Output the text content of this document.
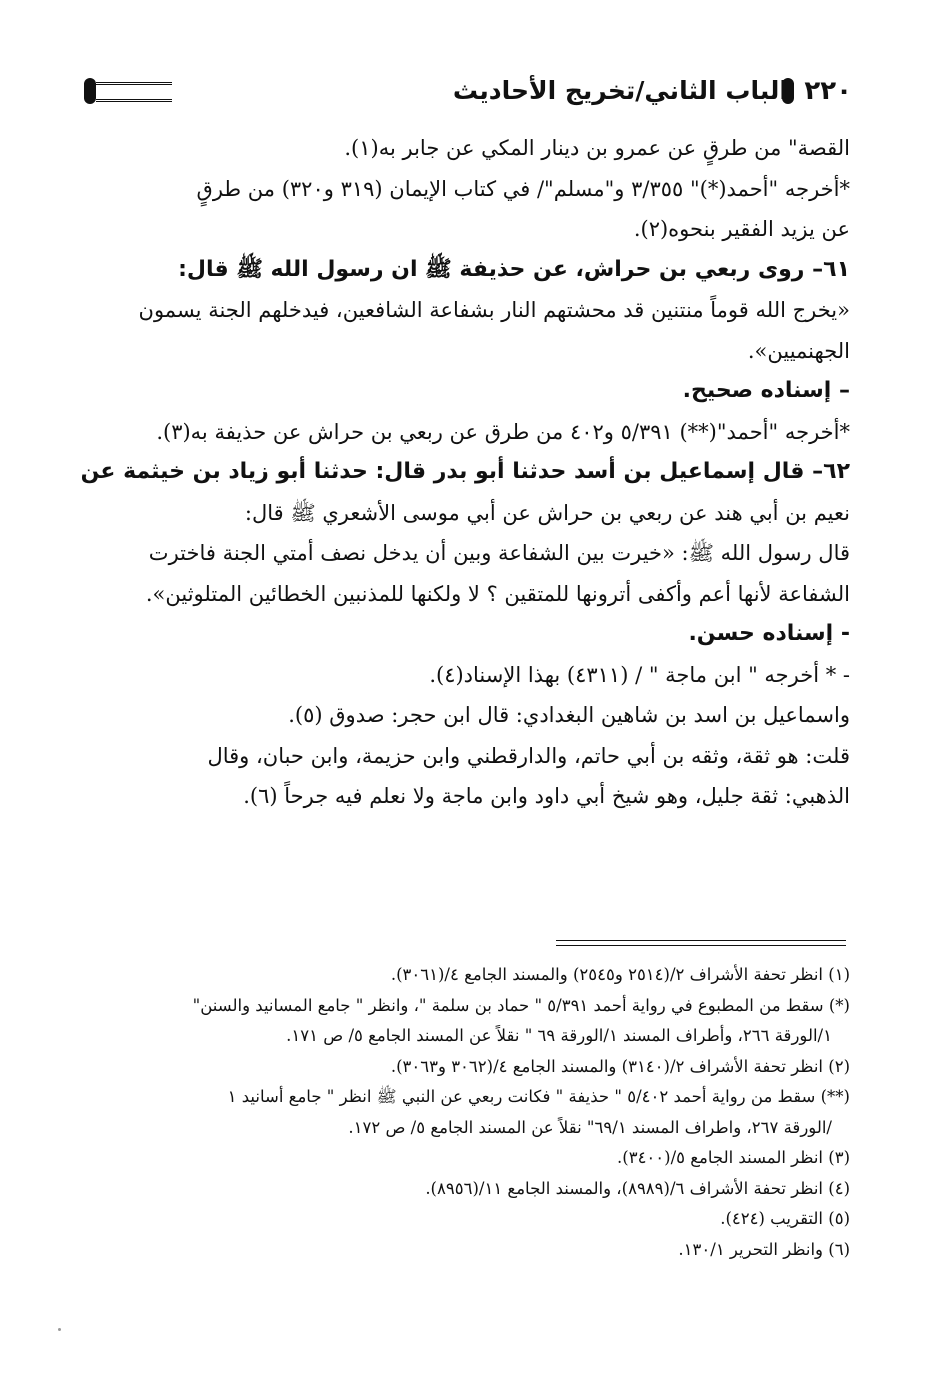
٢٢٠
الباب الثاني/تخريج الأحاديث
القصة" من طرقٍ عن عمرو بن دينار المكي عن جابر به(١).
*أخرجه "أحمد(*)" ٣/٣٥٥ و"مسلم"/ في كتاب الإيمان (٣١٩ و٣٢٠) من طرقٍ
عن يزيد الفقير بنحوه(٢).
٦١– روى ربعي بن حراش، عن حذيفة ﷺ ان رسول الله ﷺ قال:
«يخرج الله قوماً منتنين قد محشتهم النار بشفاعة الشافعين، فيدخلهم الجنة يسمون
الجهنميين».
– إسناده صحيح.
*أخرجه "أحمد"(**) ٥/٣٩١ و٤٠٢ من طرق عن ربعي بن حراش عن حذيفة به(٣).
٦٢– قال إسماعيل بن أسد حدثنا أبو بدر قال: حدثنا أبو زياد بن خيثمة عن
نعيم بن أبي هند عن ربعي بن حراش عن أبي موسى الأشعري ﷺ قال:
قال رسول الله ﷺ: «خيرت بين الشفاعة وبين أن يدخل نصف أمتي الجنة فاخترت
الشفاعة لأنها أعم وأكفى أترونها للمتقين ؟ لا ولكنها للمذنبين الخطائين المتلوثين».
- إسناده حسن.
- * أخرجه " ابن ماجة " / (٤٣١١) بهذا الإسناد(٤).
واسماعيل بن اسد بن شاهين البغدادي: قال ابن حجر: صدوق (٥).
قلت: هو ثقة، وثقه بن أبي حاتم، والدارقطني وابن حزيمة، وابن حبان، وقال
الذهبي: ثقة جليل، وهو شيخ أبي داود وابن ماجة ولا نعلم فيه جرحاً (٦).
(١) انظر تحفة الأشراف ٢/(٢٥١٤ و٢٥٤٥) والمسند الجامع ٤/(٣٠٦١).
(*) سقط من المطبوع في رواية أحمد ٥/٣٩١ " حماد بن سلمة "، وانظر " جامع المسانيد والسنن"
١/الورقة ٢٦٦، وأطراف المسند ١/الورقة ٦٩ " نقلاً عن المسند الجامع ٥/ ص ١٧١.
(٢) انظر تحفة الأشراف ٢/(٣١٤٠) والمسند الجامع ٤/(٣٠٦٢ و٣٠٦٣).
(**) سقط من رواية أحمد ٥/٤٠٢ " حذيفة " فكانت ربعي عن النبي ﷺ انظر " جامع أسانيد ١
/الورقة ٢٦٧، واطراف المسند ٦٩/١" نقلاً عن المسند الجامع ٥/ ص ١٧٢.
(٣) انظر المسند الجامع ٥/(٣٤٠٠).
(٤) انظر تحفة الأشراف ٦/(٨٩٨٩)، والمسند الجامع ١١/(٨٩٥٦).
(٥) التقريب (٤٢٤).
(٦) وانظر التحرير ١٣٠/١.
